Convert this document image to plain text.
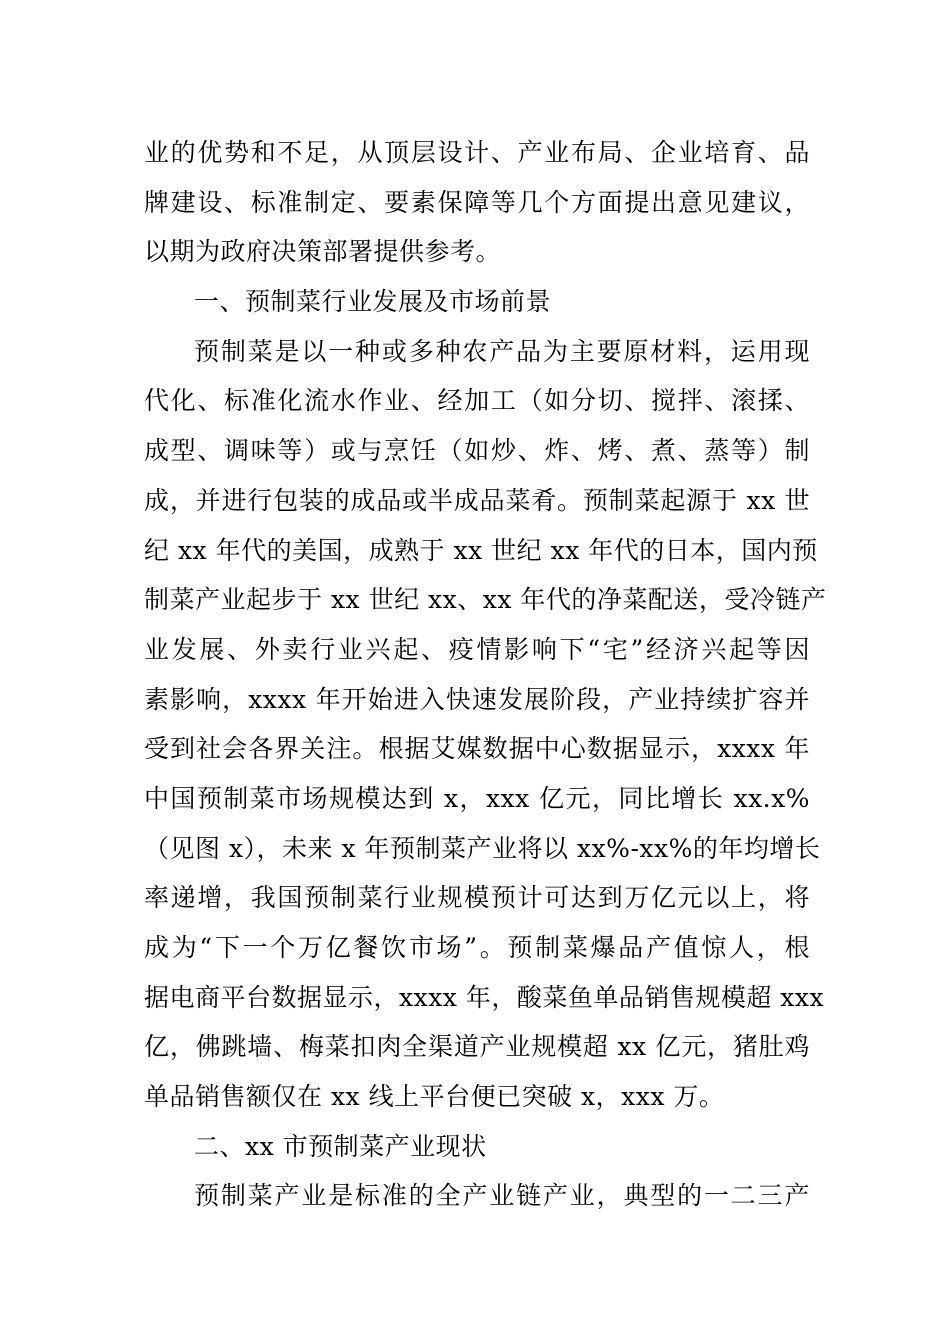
业的优势和不足，从顶层设计、产业布局、企业培育、品
牌建设、标准制定、要素保障等几个方面提出意见建议，
以期为政府决策部署提供参考。
一、预制菜行业发展及市场前景
预制菜是以一种或多种农产品为主要原材料，运用现
代化、标准化流水作业、经加工（如分切、搅拌、滚揉、
成型、调味等）或与烹饪（如炒、炸、烤、煮、蒸等）制
成，并进行包装的成品或半成品菜肴。预制菜起源于 xx 世
纪 xx 年代的美国，成熟于 xx 世纪 xx 年代的日本，国内预
制菜产业起步于 xx 世纪 xx、xx 年代的净菜配送，受冷链产
业发展、外卖行业兴起、疫情影响下“宅”经济兴起等因
素影响，xxxx 年开始进入快速发展阶段，产业持续扩容并
受到社会各界关注。根据艾媒数据中心数据显示，xxxx 年
中国预制菜市场规模达到 x，xxx 亿元，同比增长 xx.x%
（见图 x），未来 x 年预制菜产业将以 xx%-xx%的年均增长
率递增，我国预制菜行业规模预计可达到万亿元以上，将
成为“下一个万亿餐饮市场”。预制菜爆品产值惊人，根
据电商平台数据显示，xxxx 年，酸菜鱼单品销售规模超 xxx
亿，佛跳墙、梅菜扣肉全渠道产业规模超 xx 亿元，猪肚鸡
单品销售额仅在 xx 线上平台便已突破 x，xxx 万。
二、xx 市预制菜产业现状
预制菜产业是标准的全产业链产业，典型的一二三产
